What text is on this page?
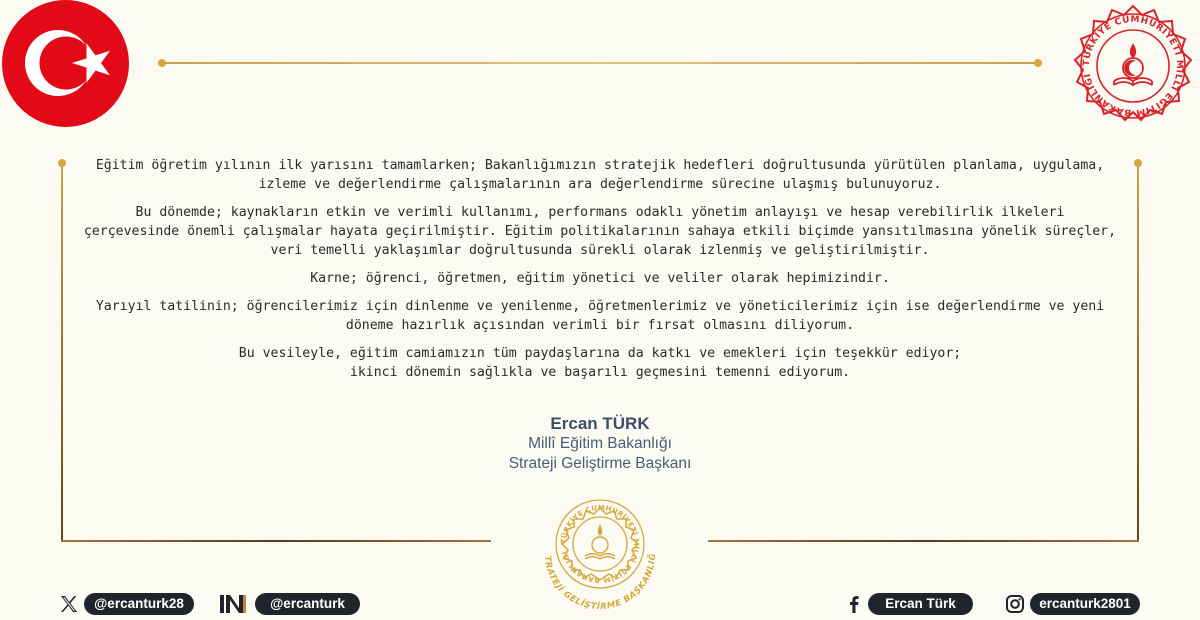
TÜRKİYE CUMHURİYETİ MİLLÎ EĞİTİM BAKANLIĞI

Eğitim öğretim yılının ilk yarısını tamamlarken; Bakanlığımızın stratejik hedefleri doğrultusunda yürütülen planlama, uygulama,
izleme ve değerlendirme çalışmalarının ara değerlendirme sürecine ulaşmış bulunuyoruz.

Bu dönemde; kaynakların etkin ve verimli kullanımı, performans odaklı yönetim anlayışı ve hesap verebilirlik ilkeleri
çerçevesinde önemli çalışmalar hayata geçirilmiştir. Eğitim politikalarının sahaya etkili biçimde yansıtılmasına yönelik süreçler,
veri temelli yaklaşımlar doğrultusunda sürekli olarak izlenmiş ve geliştirilmiştir.

Karne; öğrenci, öğretmen, eğitim yönetici ve veliler olarak hepimizindir.

Yarıyıl tatilinin; öğrencilerimiz için dinlenme ve yenilenme, öğretmenlerimiz ve yöneticilerimiz için ise değerlendirme ve yeni
döneme hazırlık açısından verimli bir fırsat olmasını diliyorum.

Bu vesileyle, eğitim camiamızın tüm paydaşlarına da katkı ve emekleri için teşekkür ediyor;
ikinci dönemin sağlıkla ve başarılı geçmesini temenni ediyorum.

Ercan TÜRK
Millî Eğitim Bakanlığı
Strateji Geliştirme Başkanı
TÜRKİYE CUMHURİYETİ MİLLÎ EĞİTİM BAKANLIĞI
TRATEJİ GELİŞTİRME BAŞKANLIĞ
@ercanturk28	@ercanturk	Ercan Türk	ercanturk2801
